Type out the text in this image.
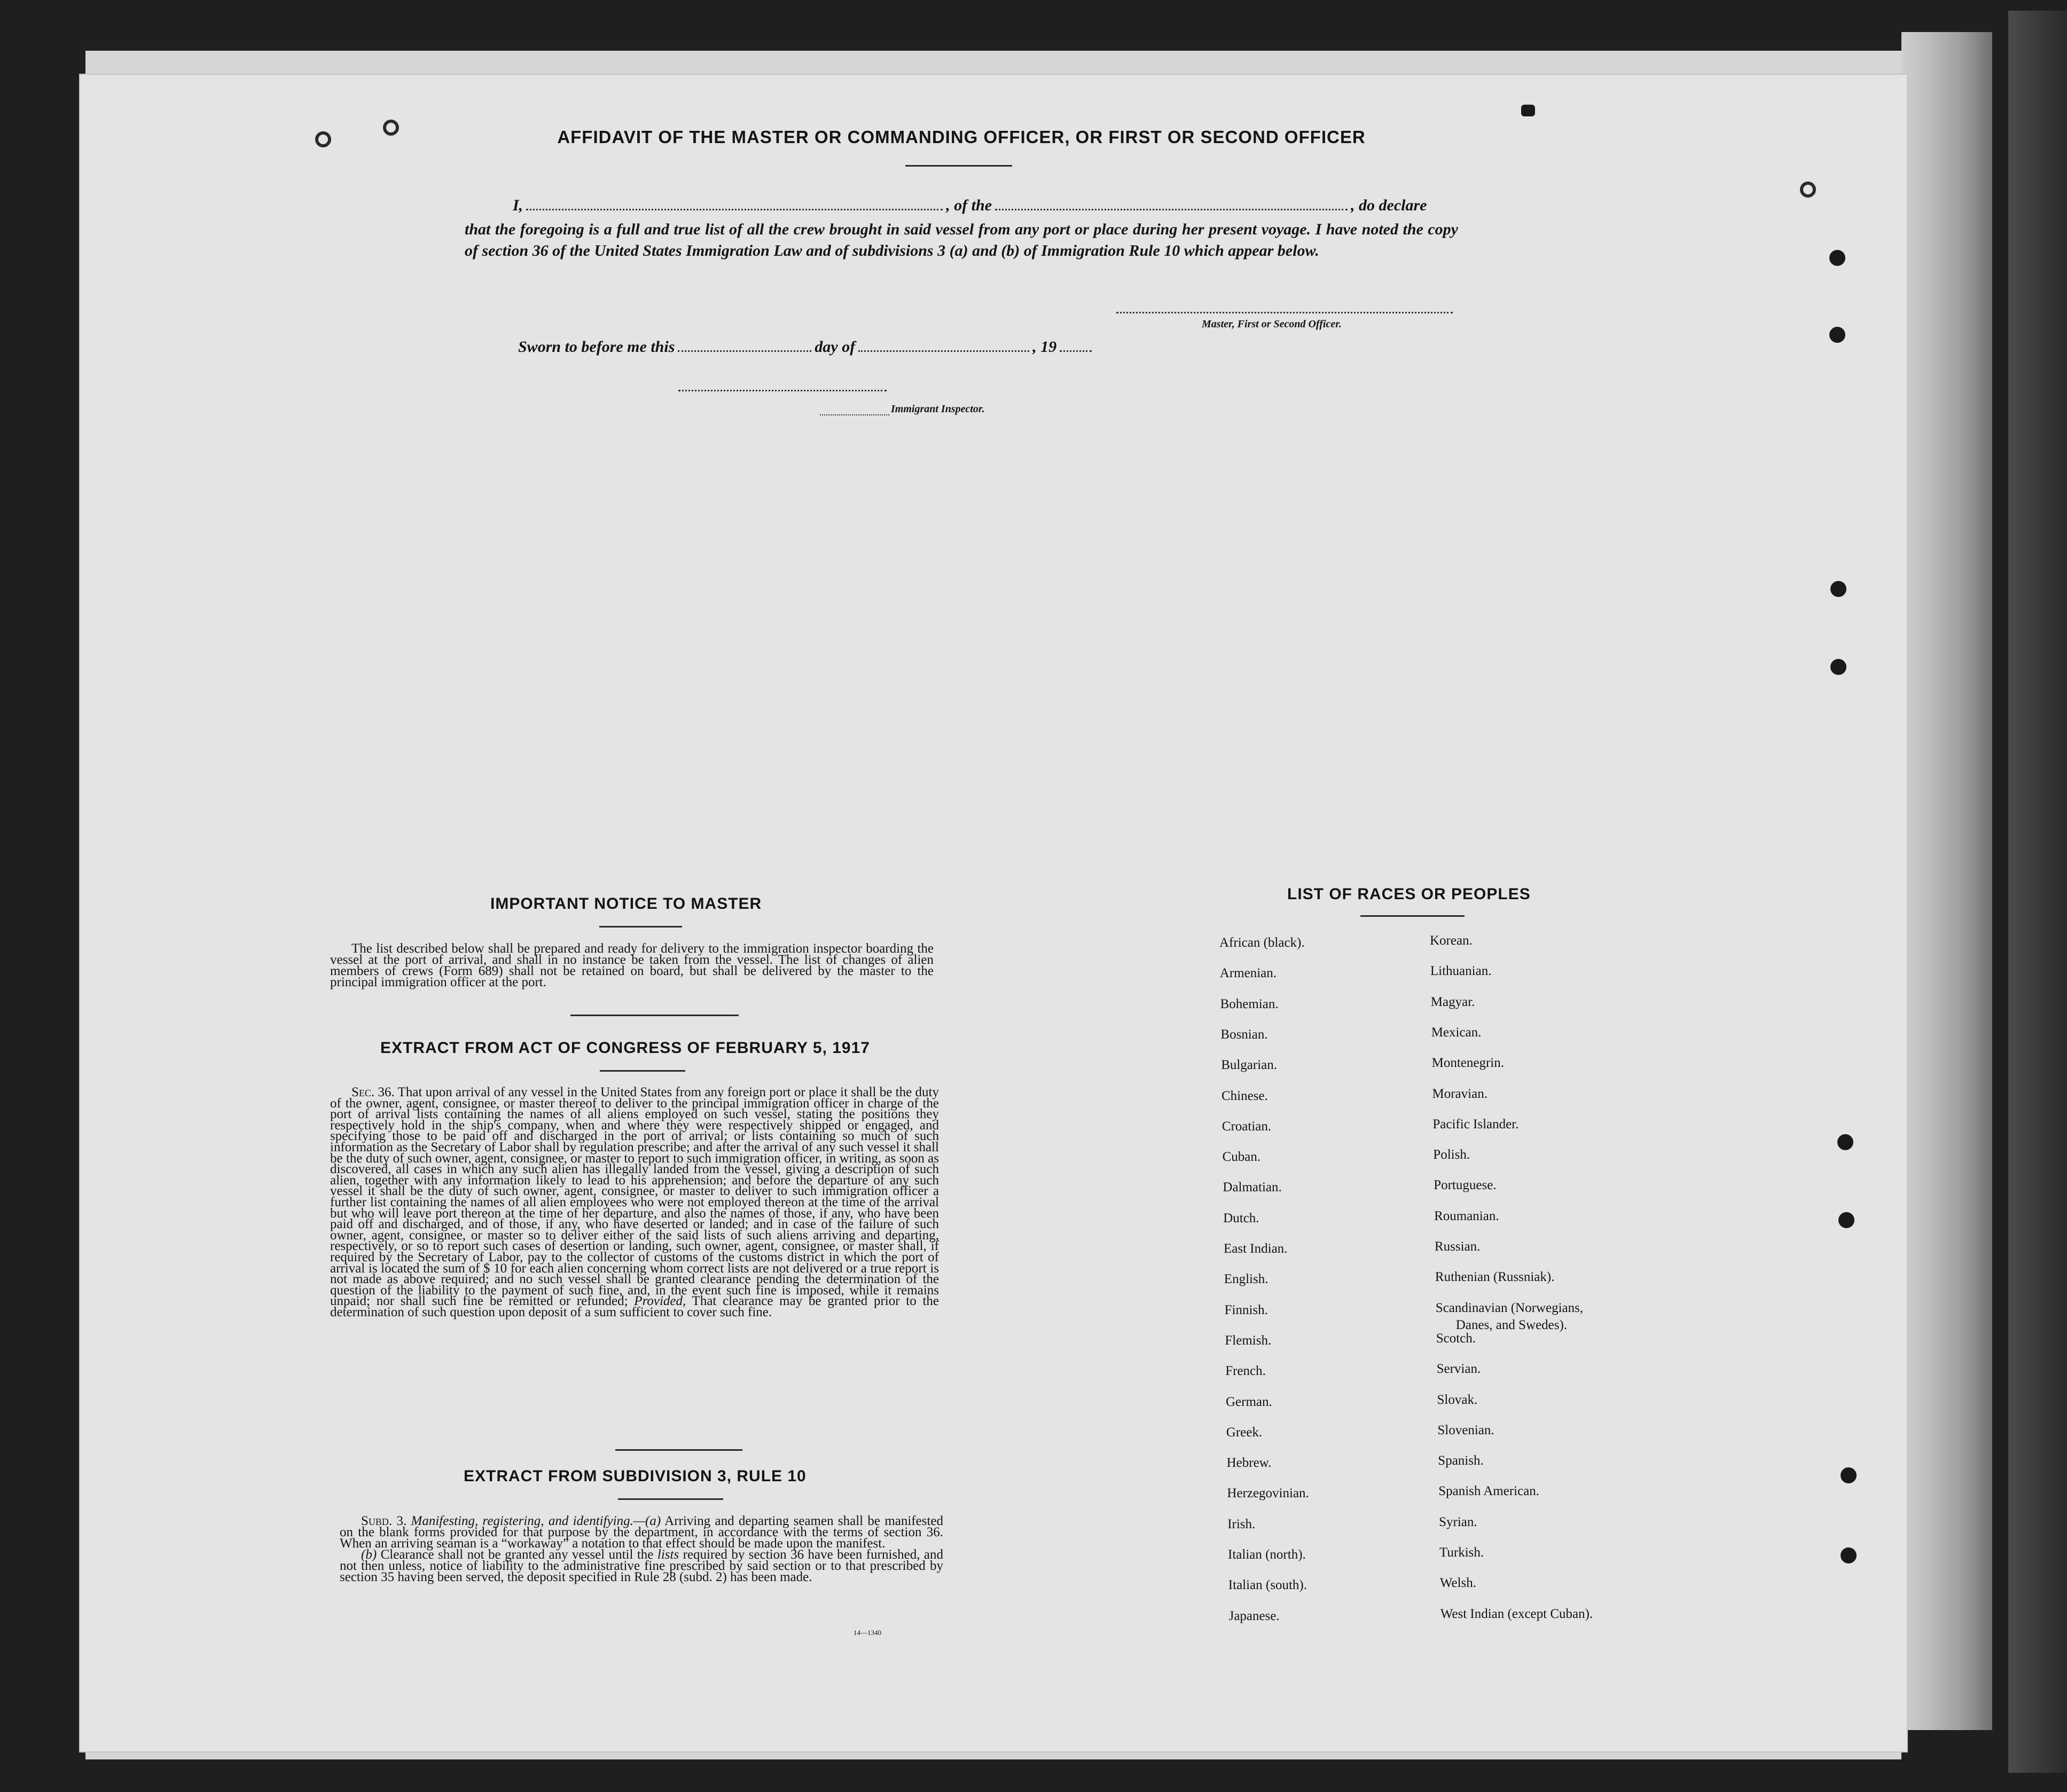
AFFIDAVIT OF THE MASTER OR COMMANDING OFFICER, OR FIRST OR SECOND OFFICER
I,	, of the	, do declare
that the foregoing is a full and true list of all the crew brought in said vessel from any port or place during her present voyage. I have noted the copy of section 36 of the United States Immigration Law and of subdivisions 3 (a) and (b) of Immigration Rule 10 which appear below.
Master, First or Second Officer.
Sworn to before me this	day of	, 19
Immigrant Inspector.
IMPORTANT NOTICE TO MASTER
The list described below shall be prepared and ready for delivery to the immigration inspector boarding the vessel at the port of arrival, and shall in no instance be taken from the vessel. The list of changes of alien members of crews (Form 689) shall not be retained on board, but shall be delivered by the master to the principal immigration officer at the port.
EXTRACT FROM ACT OF CONGRESS OF FEBRUARY 5, 1917
Sec. 36. That upon arrival of any vessel in the United States from any foreign port or place it shall be the duty of the owner, agent, consignee, or master thereof to deliver to the principal immigration officer in charge of the port of arrival lists containing the names of all aliens employed on such vessel, stating the positions they respectively hold in the ship's company, when and where they were respectively shipped or engaged, and specifying those to be paid off and discharged in the port of arrival; or lists containing so much of such information as the Secretary of Labor shall by regulation prescribe; and after the arrival of any such vessel it shall be the duty of such owner, agent, consignee, or master to report to such immigration officer, in writing, as soon as discovered, all cases in which any such alien has illegally landed from the vessel, giving a description of such alien, together with any information likely to lead to his apprehension; and before the departure of any such vessel it shall be the duty of such owner, agent, consignee, or master to deliver to such immigration officer a further list containing the names of all alien employees who were not employed thereon at the time of the arrival but who will leave port thereon at the time of her departure, and also the names of those, if any, who have been paid off and discharged, and of those, if any, who have deserted or landed; and in case of the failure of such owner, agent, consignee, or master so to deliver either of the said lists of such aliens arriving and departing, respectively, or so to report such cases of desertion or landing, such owner, agent, consignee, or master shall, if required by the Secretary of Labor, pay to the collector of customs of the customs district in which the port of arrival is located the sum of $ 10 for each alien concerning whom correct lists are not delivered or a true report is not made as above required; and no such vessel shall be granted clearance pending the determination of the question of the liability to the payment of such fine, and, in the event such fine is imposed, while it remains unpaid; nor shall such fine be remitted or refunded; Provided, That clearance may be granted prior to the determination of such question upon deposit of a sum sufficient to cover such fine.
EXTRACT FROM SUBDIVISION 3, RULE 10
Subd. 3. Manifesting, registering, and identifying.—(a) Arriving and departing seamen shall be manifested on the blank forms provided for that purpose by the department, in accordance with the terms of section 36. When an arriving seaman is a “workaway” a notation to that effect should be made upon the manifest.
(b) Clearance shall not be granted any vessel until the lists required by section 36 have been furnished, and not then unless, notice of liability to the administrative fine prescribed by said section or to that prescribed by section 35 having been served, the deposit specified in Rule 28 (subd. 2) has been made.
14—1340
LIST OF RACES OR PEOPLES
African (black).
Armenian.
Bohemian.
Bosnian.
Bulgarian.
Chinese.
Croatian.
Cuban.
Dalmatian.
Dutch.
East Indian.
English.
Finnish.
Flemish.
French.
German.
Greek.
Hebrew.
Herzegovinian.
Irish.
Italian (north).
Italian (south).
Japanese.
Korean.
Lithuanian.
Magyar.
Mexican.
Montenegrin.
Moravian.
Pacific Islander.
Polish.
Portuguese.
Roumanian.
Russian.
Ruthenian (Russniak).
Scandinavian (Norwegians,
Danes, and Swedes).
Scotch.
Servian.
Slovak.
Slovenian.
Spanish.
Spanish American.
Syrian.
Turkish.
Welsh.
West Indian (except Cuban).
